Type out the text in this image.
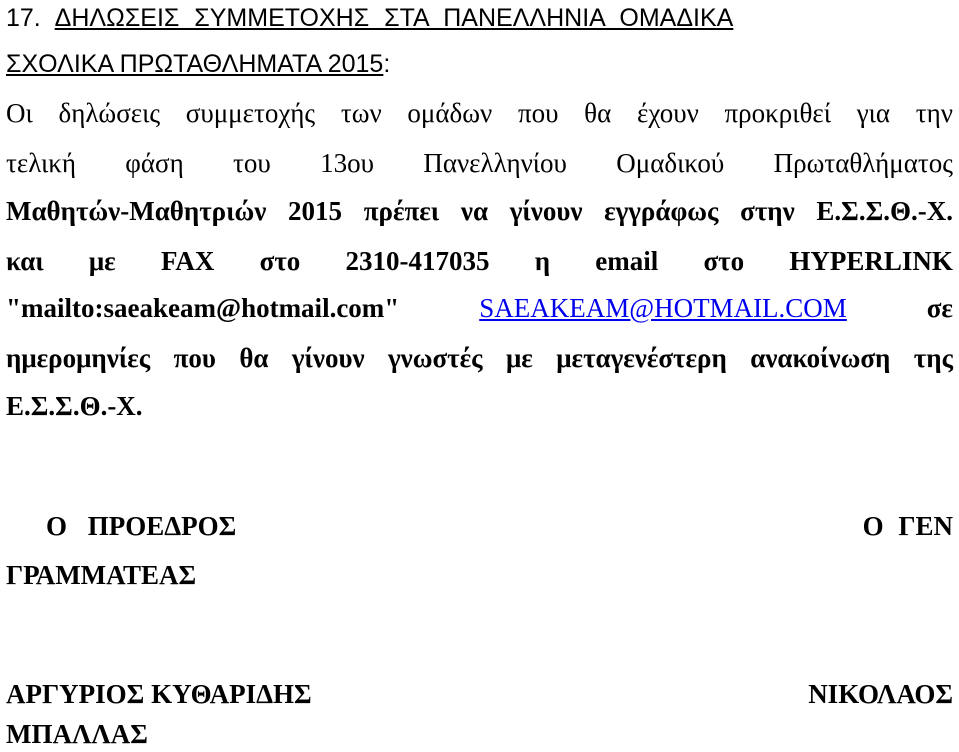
17. ΔΗΛΩΣΕΙΣ ΣΥΜΜΕΤΟΧΗΣ ΣΤΑ ΠΑΝΕΛΛΗΝΙΑ ΟΜΑΔΙΚΑ
ΣΧΟΛΙΚΑ ΠΡΩΤΑΘΛΗΜΑΤΑ 2015:
Οι δηλώσεις συμμετοχής των ομάδων που θα έχουν προκριθεί για την
τελική φάση του 13ου Πανελληνίου Ομαδικού Πρωταθλήματος
Μαθητών-Μαθητριών 2015 πρέπει να γίνουν εγγράφως στην Ε.Σ.Σ.Θ.-Χ.
και με FAX στο 2310-417035 η email στο HYPERLINK
"mailto:saeakeam@hotmail.com"	SAEAKEAM@HOTMAIL.COM	σε
ημερομηνίες που θα γίνουν γνωστές με μεταγενέστερη ανακοίνωση της
Ε.Σ.Σ.Θ.-Χ.
Ο ΠΡΟΕΔΡΟΣ	Ο ΓΕΝ
ΓΡΑΜΜΑΤΕΑΣ
ΑΡΓΥΡΙΟΣ ΚΥΘΑΡΙΔΗΣ	ΝΙΚΟΛΑΟΣ
ΜΠΑΛΛΑΣ
